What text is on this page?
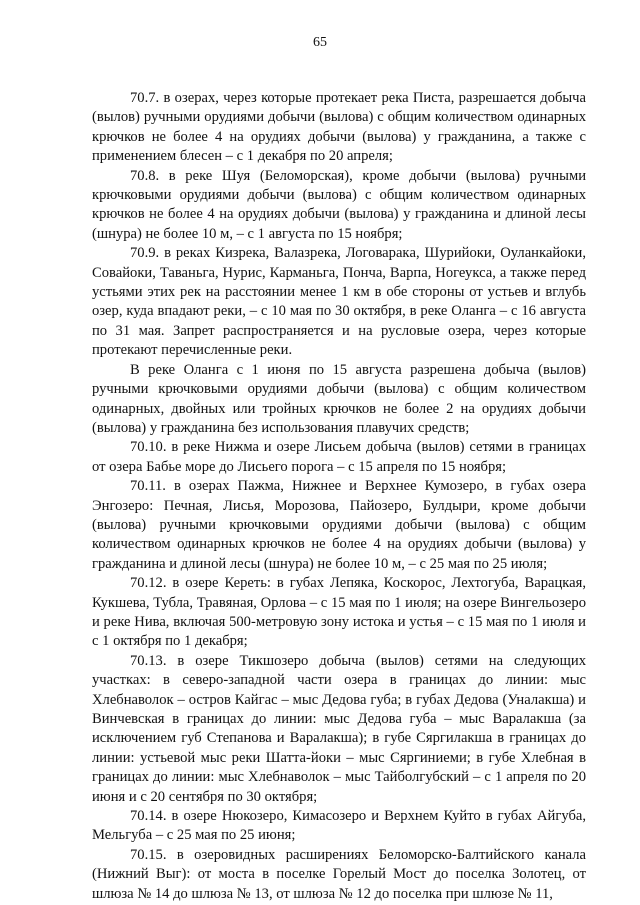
65

70.7. в озерах, через которые протекает река Писта, разрешается добыча (вылов) ручными орудиями добычи (вылова) с общим количеством одинарных крючков не более 4 на орудиях добычи (вылова) у гражданина, а также с применением блесен – с 1 декабря по 20 апреля;

70.8. в реке Шуя (Беломорская), кроме добычи (вылова) ручными крючковыми орудиями добычи (вылова) с общим количеством одинарных крючков не более 4 на орудиях добычи (вылова) у гражданина и длиной лесы (шнура) не более 10 м, – с 1 августа по 15 ноября;

70.9. в реках Кизрека, Валазрека, Логоваракa, Шурийоки, Оуланкайоки, Совайоки, Таваньга, Нурис, Карманьга, Пончa, Варпа, Ногеукса, а также перед устьями этих рек на расстоянии менее 1 км в обе стороны от устьев и вглубь озер, куда впадают реки, – с 10 мая по 30 октября, в реке Оланга – с 16 августа по 31 мая. Запрет распространяется и на русловые озера, через которые протекают перечисленные реки.

В реке Оланга с 1 июня по 15 августа разрешена добыча (вылов) ручными крючковыми орудиями добычи (вылова) с общим количеством одинарных, двойных или тройных крючков не более 2 на орудиях добычи (вылова) у гражданина без использования плавучих средств;

70.10. в реке Нижма и озере Лисьем добыча (вылов) сетями в границах от озера Бабье море до Лисьего порога – с 15 апреля по 15 ноября;

70.11. в озерах Пажма, Нижнее и Верхнее Кумозеро, в губах озера Энгозеро: Печная, Лисья, Морозова, Пайозеро, Булдыри, кроме добычи (вылова) ручными крючковыми орудиями добычи (вылова) с общим количеством одинарных крючков не более 4 на орудиях добычи (вылова) у гражданина и длиной лесы (шнура) не более 10 м, – с 25 мая по 25 июля;

70.12. в озере Кереть: в губах Лепяка, Коскорос, Лехтогуба, Варацкая, Кукшева, Тубла, Травяная, Орлова – с 15 мая по 1 июля; на озере Вингельозеро и реке Нива, включая 500-метровую зону истока и устья – с 15 мая по 1 июля и с 1 октября по 1 декабря;

70.13. в озере Тикшозеро добыча (вылов) сетями на следующих участках: в северо-западной части озера в границах до линии: мыс Хлебнаволок – остров Кайгас – мыс Дедова губа; в губах Дедова (Уналакша) и Винчевская в границах до линии: мыс Дедова губа – мыс Варалакша (за исключением губ Степанова и Варалакша); в губе Сяргилакша в границах до линии: устьевой мыс реки Шатта-йоки – мыс Сяргиниеми; в губе Хлебная в границах до линии: мыс Хлебнаволок – мыс Тайболгубский – с 1 апреля по 20 июня и с 20 сентября по 30 октября;

70.14. в озере Нюкозеро, Кимасозеро и Верхнем Куйто в губах Айгуба, Мельгуба – с 25 мая по 25 июня;

70.15. в озеровидных расширениях Беломорско-Балтийского канала (Нижний Выг): от моста в поселке Горелый Мост до поселка Золотец, от шлюза № 14 до шлюза № 13, от шлюза № 12 до поселка при шлюзе № 11,
